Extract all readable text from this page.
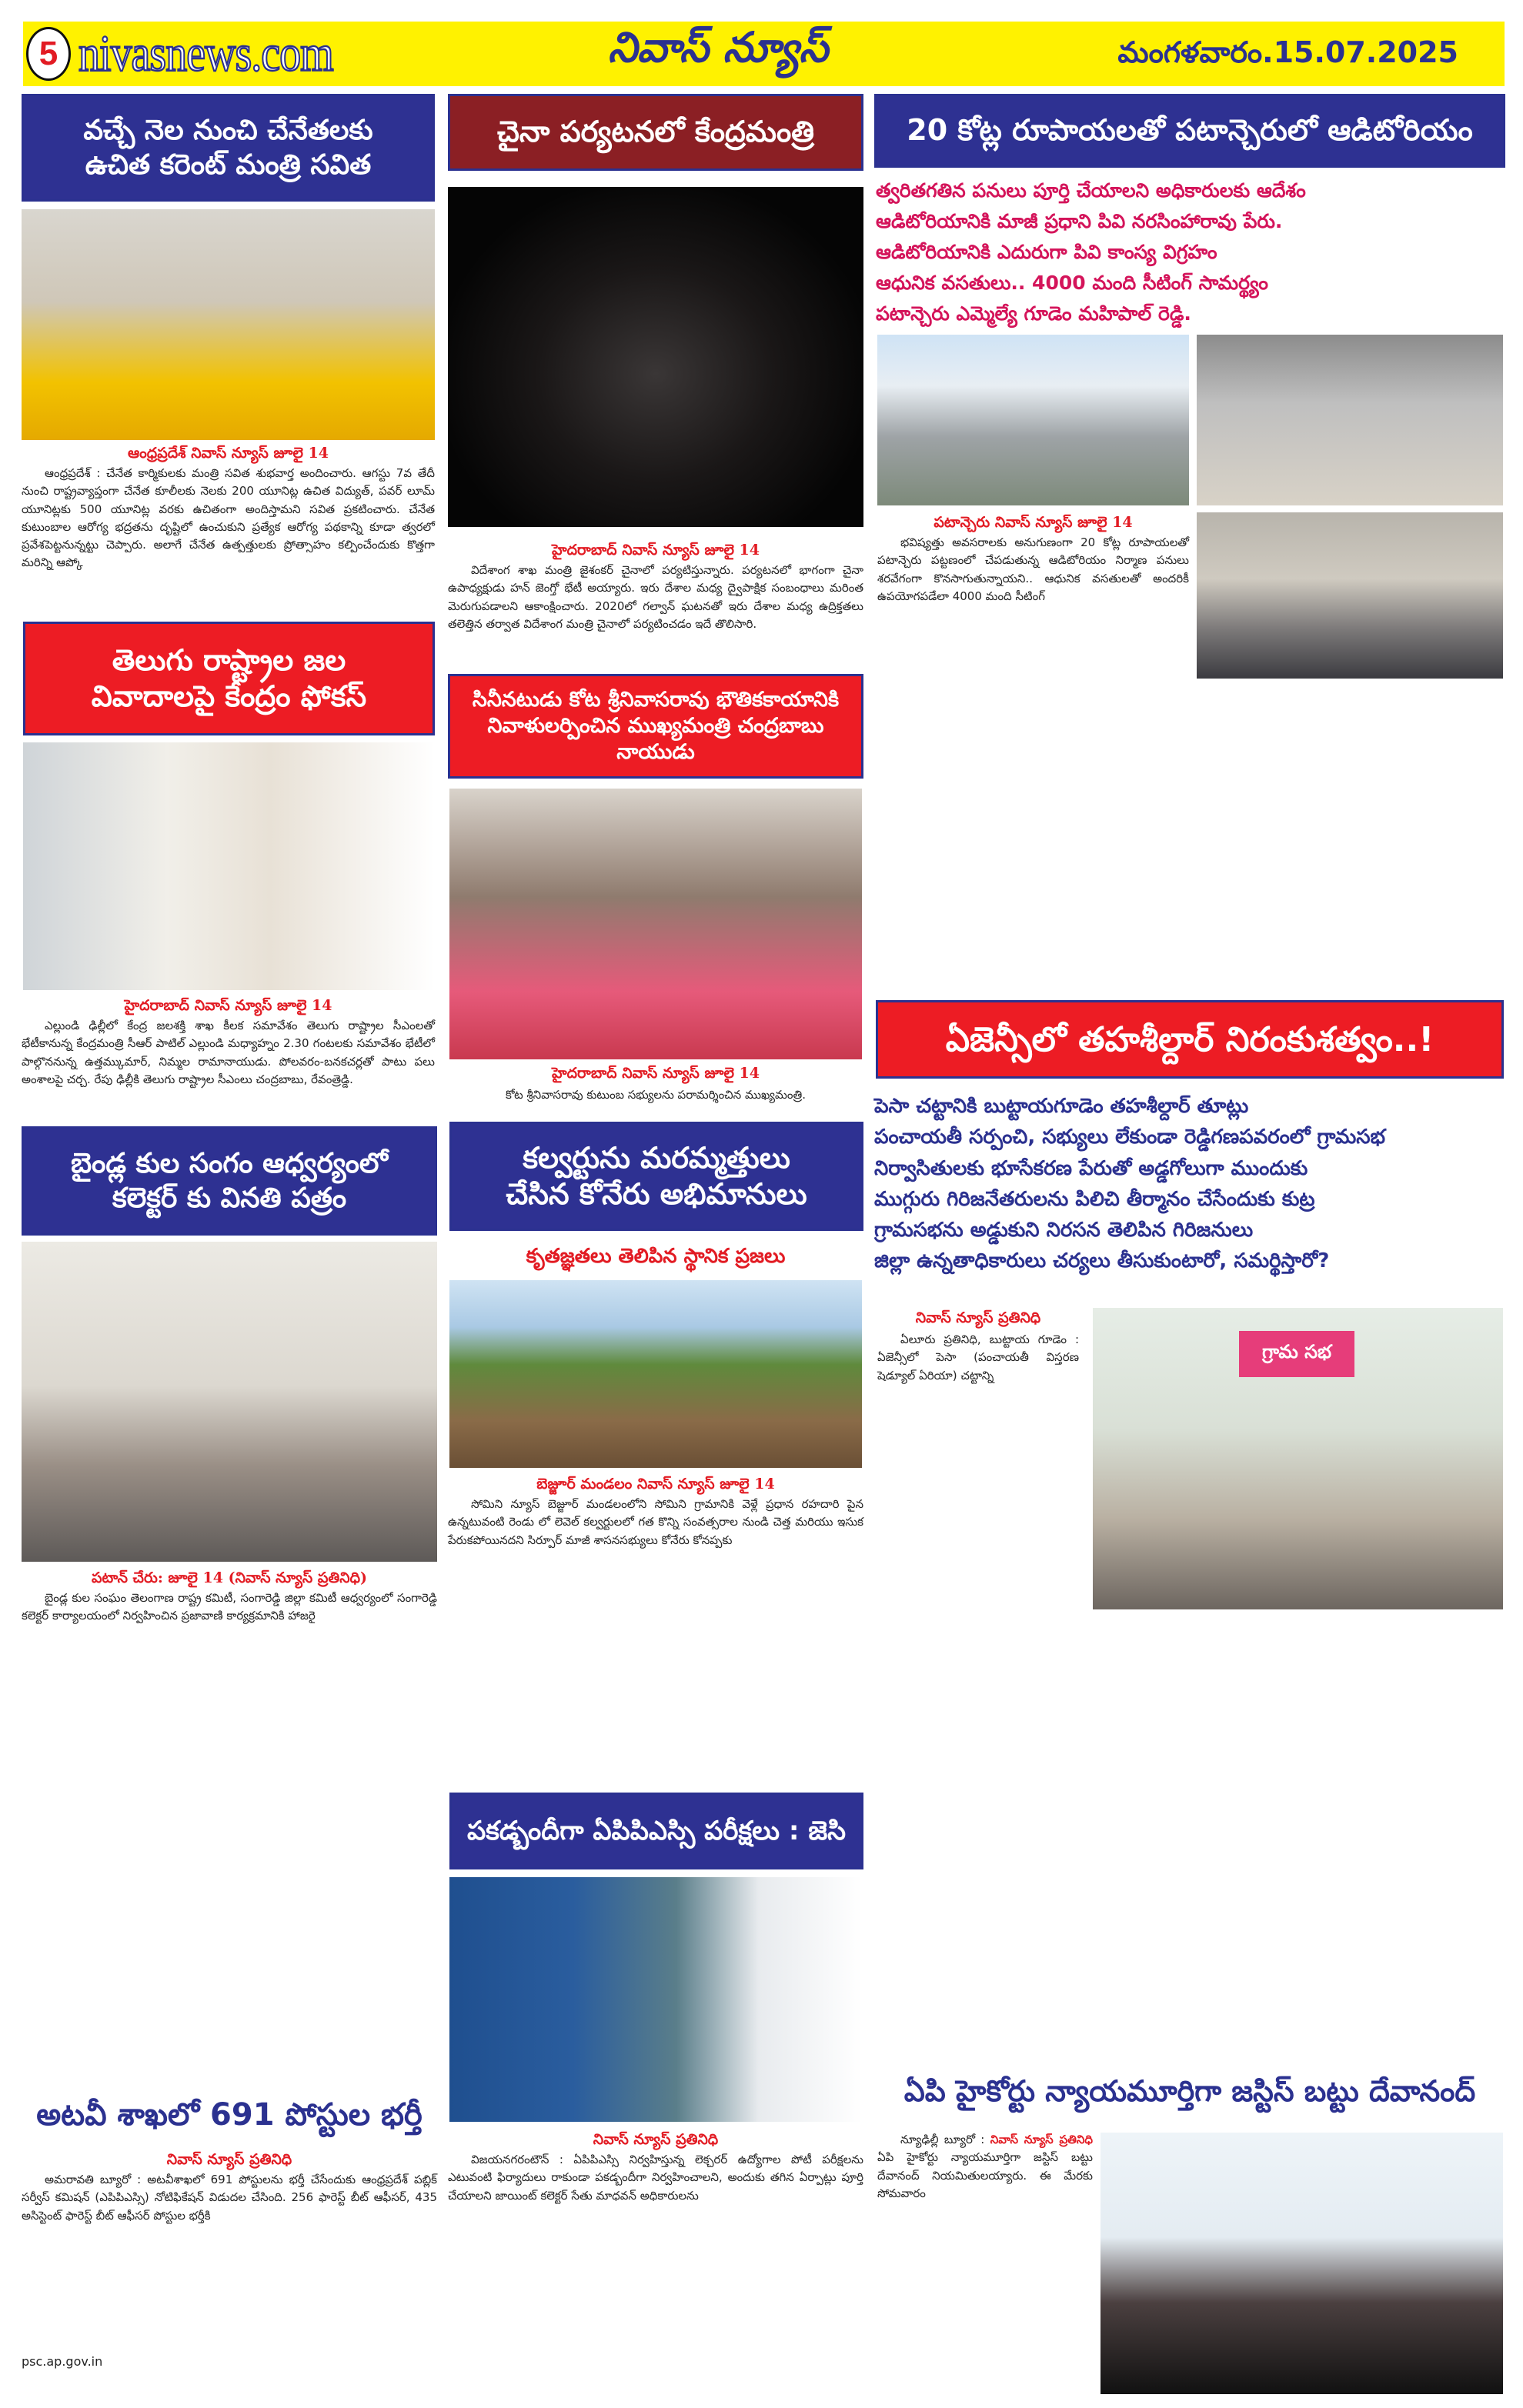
5 nivasnews.com	నివాస్ న్యూస్	మంగళవారం.15.07.2025
వచ్చే నెల నుంచి చేనేతలకు
ఉచిత కరెంట్ మంత్రి సవిత
ఆంధ్రప్రదేశ్ నివాస్ న్యూస్ జూలై 14
ఆంధ్రప్రదేశ్ : చేనేత కార్మికులకు మంత్రి సవిత శుభవార్త అందించారు. ఆగస్టు 7వ తేదీ నుంచి రాష్ట్రవ్యాప్తంగా చేనేత కూలీలకు నెలకు 200 యూనిట్ల ఉచిత విద్యుత్, పవర్ లూమ్ యూనిట్లకు 500 యూనిట్ల వరకు ఉచితంగా అందిస్తామని సవిత ప్రకటించారు. చేనేత కుటుంబాల ఆరోగ్య భద్రతను దృష్టిలో ఉంచుకుని ప్రత్యేక ఆరోగ్య పథకాన్ని కూడా త్వరలో ప్రవేశపెట్టనున్నట్టు చెప్పారు. అలాగే చేనేత ఉత్పత్తులకు ప్రోత్సాహం కల్పించేందుకు కొత్తగా మరిన్ని ఆప్కో
తెలుగు రాష్ట్రాల జల
వివాదాలపై కేంద్రం ఫోకస్
హైదరాబాద్ నివాస్ న్యూస్ జూలై 14
ఎల్లుండి ఢిల్లీలో కేంద్ర జలశక్తి శాఖ కీలక సమావేశం తెలుగు రాష్ట్రాల సీఎంలతో భేటీకానున్న కేంద్రమంత్రి సీఆర్ పాటిల్ ఎల్లుండి మధ్యాహ్నం 2.30 గంటలకు సమావేశం భేటీలో పాల్గొననున్న ఉత్తమ్కుమార్, నిమ్మల రామానాయుడు. పోలవరం-బనకచర్లతో పాటు పలు అంశాలపై చర్చ. రేపు ఢిల్లీకి తెలుగు రాష్ట్రాల సీఎంలు చంద్రబాబు, రేవంత్రెడ్డి.
బైండ్ల కుల సంగం ఆధ్వర్యంలో
కలెక్టర్ కు వినతి పత్రం
పటాన్ చేరు: జూలై 14 (నివాస్ న్యూస్ ప్రతినిధి)
బైండ్ల కుల సంఘం తెలంగాణ రాష్ట్ర కమిటీ, సంగారెడ్డి జిల్లా కమిటీ ఆధ్వర్యంలో సంగారెడ్డి కలెక్టర్ కార్యాలయంలో నిర్వహించిన ప్రజావాణి కార్యక్రమానికి హాజరై
అటవీ శాఖలో 691 పోస్టుల భర్తీ
నివాస్ న్యూస్ ప్రతినిధి
అమరావతి బ్యూరో : అటవీశాఖలో 691 పోస్టులను భర్తీ చేసేందుకు ఆంధ్రప్రదేశ్ పబ్లిక్ సర్వీస్ కమిషన్ (ఎపిపిఎస్సి) నోటిఫికేషన్ విడుదల చేసింది. 256 ఫారెస్ట్ బీట్ ఆఫీసర్, 435 అసిస్టెంట్ ఫారెస్ట్ బీట్ ఆఫీసర్ పోస్టుల భర్తీకి
psc.ap.gov.in
చైనా పర్యటనలో కేంద్రమంత్రి
హైదరాబాద్ నివాస్ న్యూస్ జూలై 14
విదేశాంగ శాఖ మంత్రి జైశంకర్ చైనాలో పర్యటిస్తున్నారు. పర్యటనలో భాగంగా చైనా ఉపాధ్యక్షుడు హన్ జెంగ్తో భేటీ అయ్యారు. ఇరు దేశాల మధ్య ద్వైపాక్షిక సంబంధాలు మరింత మెరుగుపడాలని ఆకాంక్షించారు. 2020లో గల్వాన్ ఘటనతో ఇరు దేశాల మధ్య ఉద్రిక్తతలు తలెత్తిన తర్వాత విదేశాంగ మంత్రి చైనాలో పర్యటించడం ఇదే తొలిసారి.
సినీనటుడు కోట శ్రీనివాసరావు భౌతికకాయానికి
నివాళులర్పించిన ముఖ్యమంత్రి చంద్రబాబు నాయుడు
హైదరాబాద్ నివాస్ న్యూస్ జూలై 14
కోట శ్రీనివాసరావు కుటుంబ సభ్యులను పరామర్శించిన ముఖ్యమంత్రి.
కల్వర్టును మరమ్మత్తులు
చేసిన కోనేరు అభిమానులు
కృతజ్ఞతలు తెలిపిన స్థానిక ప్రజలు
బెజ్జూర్ మండలం నివాస్ న్యూస్ జూలై 14
సోమిని న్యూస్ బెజ్జూర్ మండలంలోని సోమిని గ్రామానికి వెళ్లే ప్రధాన రహదారి పైన ఉన్నటువంటి రెండు లో లెవెల్ కల్వర్టులలో గత కొన్ని సంవత్సరాల నుండి చెత్త మరియు ఇసుక పేరుకపోయినదని సిర్పూర్ మాజీ శాసనసభ్యులు కోనేరు కోనప్పకు
పకడ్బందీగా ఏపిపిఎస్సి పరీక్షలు : జెసి
నివాస్ న్యూస్ ప్రతినిధి
విజయనగరంటౌన్ : ఏపిపిఎస్సి నిర్వహిస్తున్న లెక్చరర్ ఉద్యోగాల పోటీ పరీక్షలను ఎటువంటి ఫిర్యాదులు రాకుండా పకడ్బందీగా నిర్వహించాలని, అందుకు తగిన ఏర్పాట్లు పూర్తి చేయాలని జాయింట్ కలెక్టర్ సేతు మాధవన్ అధికారులను
20 కోట్ల రూపాయలతో పటాన్చెరులో ఆడిటోరియం
త్వరితగతిన పనులు పూర్తి చేయాలని అధికారులకు ఆదేశం
ఆడిటోరియానికి మాజీ ప్రధాని పివి నరసింహారావు పేరు.
ఆడిటోరియానికి ఎదురుగా పివి కాంస్య విగ్రహం
ఆధునిక వసతులు.. 4000 మంది సీటింగ్ సామర్థ్యం
పటాన్చెరు ఎమ్మెల్యే గూడెం మహిపాల్ రెడ్డి.
పటాన్చెరు నివాస్ న్యూస్ జూలై 14
భవిష్యత్తు అవసరాలకు అనుగుణంగా 20 కోట్ల రూపాయలతో పటాన్చెరు పట్టణంలో చేపడుతున్న ఆడిటోరియం నిర్మాణ పనులు శరవేగంగా కొనసాగుతున్నాయని.. ఆధునిక వసతులతో అందరికీ ఉపయోగపడేలా 4000 మంది సీటింగ్
ఏజెన్సీలో తహశీల్దార్ నిరంకుశత్వం..!
పెసా చట్టానికి బుట్టాయగూడెం తహశీల్దార్ తూట్లు
పంచాయతీ సర్పంచి, సభ్యులు లేకుండా రెడ్డిగణపవరంలో గ్రామసభ
నిర్వాసితులకు భూసేకరణ పేరుతో అడ్డగోలుగా ముందుకు
ముగ్గురు గిరిజనేతరులను పిలిచి తీర్మానం చేసేందుకు కుట్ర
గ్రామసభను అడ్డుకుని నిరసన తెలిపిన గిరిజనులు
జిల్లా ఉన్నతాధికారులు చర్యలు తీసుకుంటారో, సమర్థిస్తారో?
నివాస్ న్యూస్ ప్రతినిధి
ఏలూరు ప్రతినిధి, బుట్టాయ గూడెం : ఏజెన్సీలో పెసా (పంచాయతీ విస్తరణ షెడ్యూల్ ఏరియా) చట్టాన్ని
గ్రామ సభ
ఏపి హైకోర్టు న్యాయమూర్తిగా జస్టిస్ బట్టు దేవానంద్
న్యూఢిల్లీ బ్యూరో : నివాస్ న్యూస్ ప్రతినిధి ఏపి హైకోర్టు న్యాయమూర్తిగా జస్టిస్ బట్టు దేవానంద్ నియమితులయ్యారు. ఈ మేరకు సోమవారం
